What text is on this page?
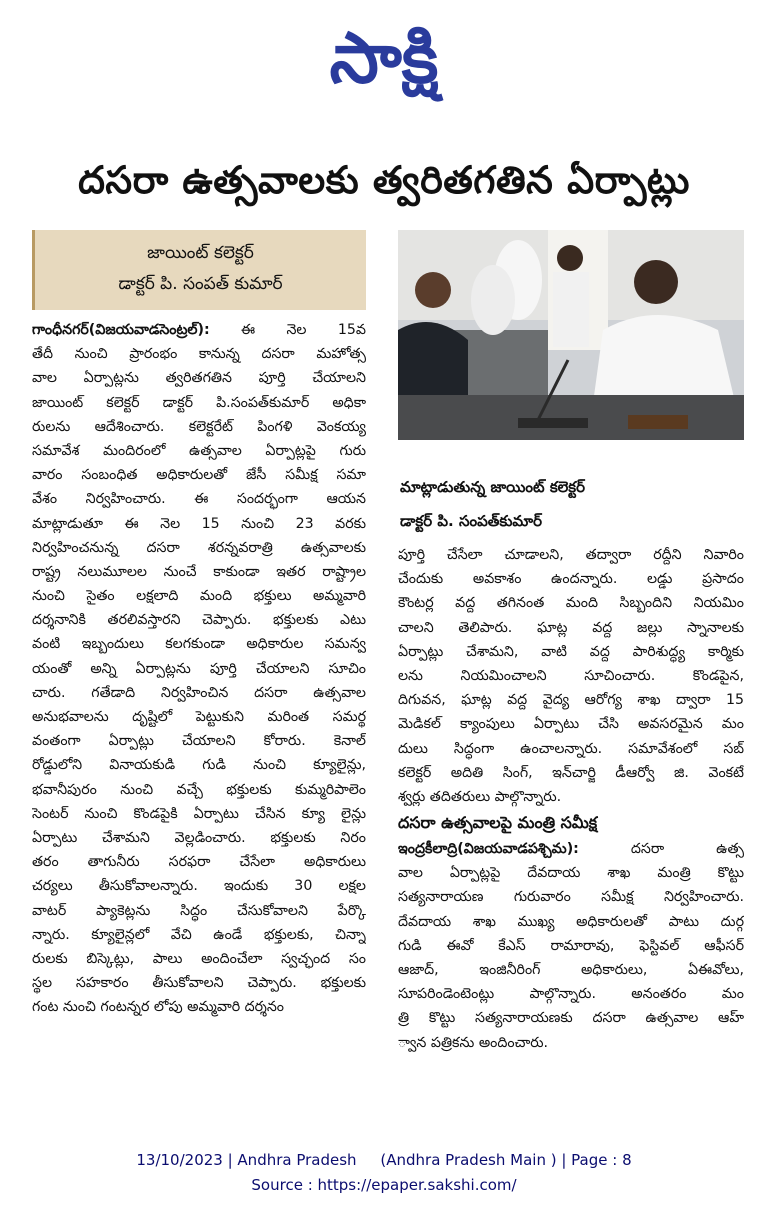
సాక్షి
దసరా ఉత్సవాలకు త్వరితగతిన ఏర్పాట్లు
జాయింట్ కలెక్టర్
డాక్టర్ పి. సంపత్ కుమార్
మాట్లాడుతున్న జాయింట్ కలెక్టర్
డాక్టర్ పి. సంపత్‌కుమార్
గాంధీనగర్(విజయవాడసెంట్రల్): ఈ నెల 15వ
తేదీ నుంచి ప్రారంభం కానున్న దసరా మహోత్స
వాల ఏర్పాట్లను త్వరితగతిన పూర్తి చేయాలని
జాయింట్ కలెక్టర్ డాక్టర్ పి.సంపత్‌కుమార్ అధికా
రులను ఆదేశించారు. కలెక్టరేట్ పింగళి వెంకయ్య
సమావేశ మందిరంలో ఉత్సవాల ఏర్పాట్లపై గురు
వారం సంబంధిత అధికారులతో జేసీ సమీక్ష సమా
వేశం నిర్వహించారు. ఈ సందర్భంగా ఆయన
మాట్లాడుతూ ఈ నెల 15 నుంచి 23 వరకు
నిర్వహించనున్న దసరా శరన్నవరాత్రి ఉత్సవాలకు
రాష్ట్ర నలుమూలల నుంచే కాకుండా ఇతర రాష్ట్రాల
నుంచి సైతం లక్షలాది మంది భక్తులు అమ్మవారి
దర్శనానికి తరలివస్తారని చెప్పారు. భక్తులకు ఎటు
వంటి ఇబ్బందులు కలగకుండా అధికారుల సమన్వ
యంతో అన్ని ఏర్పాట్లను పూర్తి చేయాలని సూచిం
చారు. గతేడాది నిర్వహించిన దసరా ఉత్సవాల
అనుభవాలను దృష్టిలో పెట్టుకుని మరింత సమర్థ
వంతంగా ఏర్పాట్లు చేయాలని కోరారు. కెనాల్
రోడ్డులోని వినాయకుడి గుడి నుంచి క్యూలైన్లు,
భవానీపురం నుంచి వచ్చే భక్తులకు కుమ్మరిపాలెం
సెంటర్ నుంచి కొండపైకి ఏర్పాటు చేసిన క్యూ లైన్లు
ఏర్పాటు చేశామని వెల్లడించారు. భక్తులకు నిరం
తరం తాగునీరు సరఫరా చేసేలా అధికారులు
చర్యలు తీసుకోవాలన్నారు. ఇందుకు 30 లక్షల
వాటర్ ప్యాకెట్లను సిద్ధం చేసుకోవాలని పేర్కొ
న్నారు. క్యూలైన్లలో వేచి ఉండే భక్తులకు, చిన్నా
రులకు బిస్కెట్లు, పాలు అందించేలా స్వచ్ఛంద సం
స్థల సహకారం తీసుకోవాలని చెప్పారు. భక్తులకు
గంట నుంచి గంటన్నర లోపు అమ్మవారి దర్శనం
పూర్తి చేసేలా చూడాలని, తద్వారా రద్దీని నివారిం
చేందుకు అవకాశం ఉందన్నారు. లడ్డు ప్రసాదం
కౌంటర్ల వద్ద తగినంత మంది సిబ్బందిని నియమిం
చాలని తెలిపారు. ఘాట్ల వద్ద జల్లు స్నానాలకు
ఏర్పాట్లు చేశామని, వాటి వద్ద పారిశుద్ధ్య కార్మికు
లను నియమించాలని సూచించారు. కొండపైన,
దిగువన, ఘాట్ల వద్ద వైద్య ఆరోగ్య శాఖ ద్వారా 15
మెడికల్ క్యాంపులు ఏర్పాటు చేసి అవసరమైన మం
దులు సిద్ధంగా ఉంచాలన్నారు. సమావేశంలో సబ్
కలెక్టర్ అదితి సింగ్, ఇన్‌చార్జి డీఆర్వో జి. వెంకటే
శ్వర్లు తదితరులు పాల్గొన్నారు.
దసరా ఉత్సవాలపై మంత్రి సమీక్ష
ఇంద్రకీలాద్రి(విజయవాడపశ్చిమ):	దసరా ఉత్స
వాల ఏర్పాట్లపై దేవదాయ శాఖ మంత్రి కొట్టు
సత్యనారాయణ గురువారం సమీక్ష నిర్వహించారు.
దేవదాయ శాఖ ముఖ్య అధికారులతో పాటు దుర్గ
గుడి ఈవో కేఎస్ రామారావు, ఫెస్టివల్ ఆఫీసర్
ఆజాద్, ఇంజినీరింగ్ అధికారులు, ఏఈవోలు,
సూపరిండెంటెంట్లు పాల్గొన్నారు. అనంతరం మం
త్రి కొట్టు సత్యనారాయణకు దసరా ఉత్సవాల ఆహ్
్వాన పత్రికను అందించారు.
13/10/2023 | Andhra Pradesh     (Andhra Pradesh Main ) | Page : 8
Source : https://epaper.sakshi.com/
